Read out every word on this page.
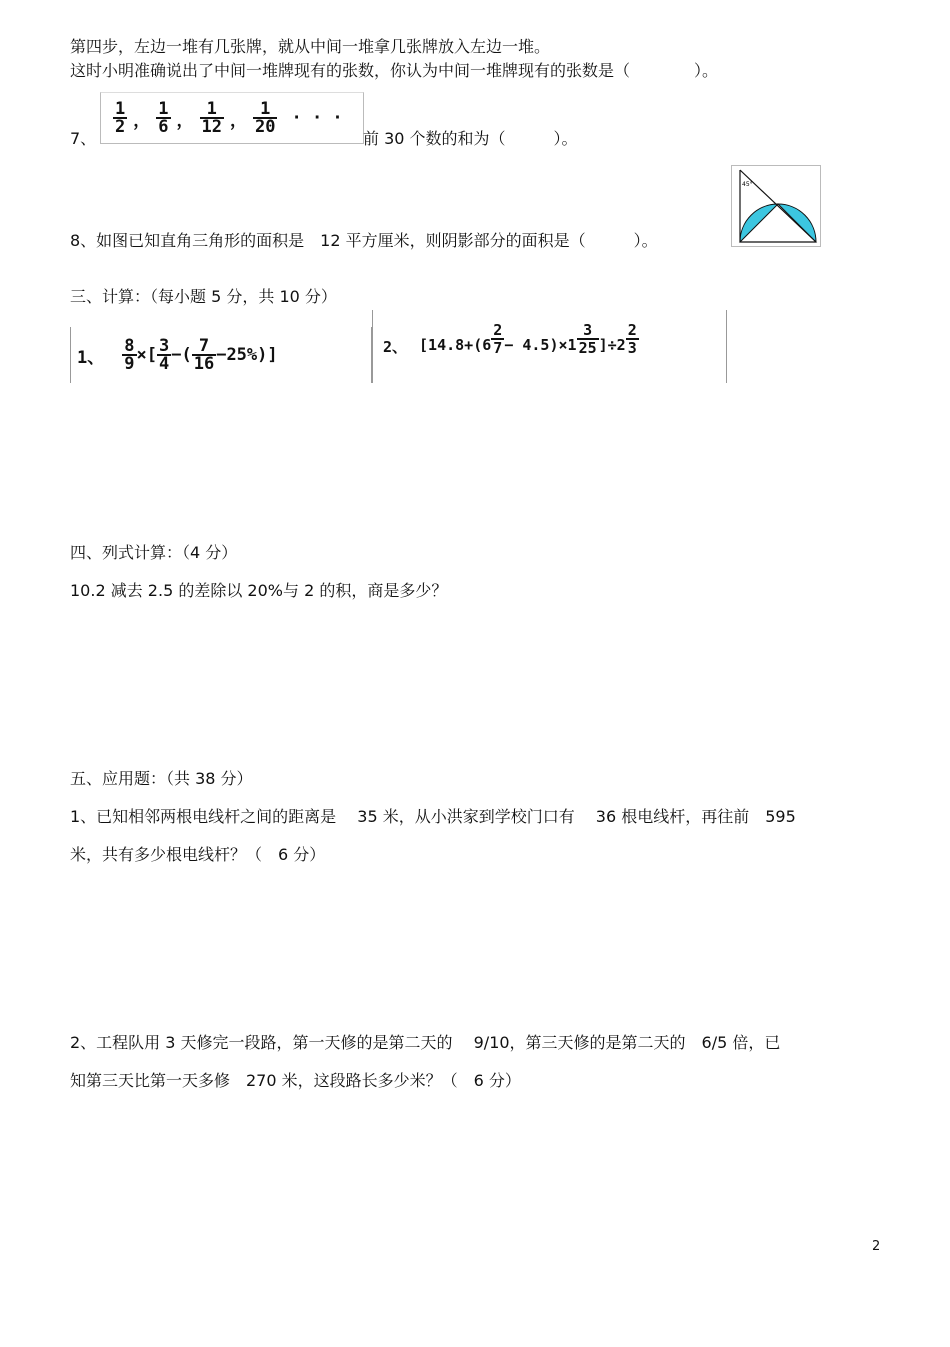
第四步，左边一堆有几张牌，就从中间一堆拿几张牌放入左边一堆。
这时小明准确说出了中间一堆牌现有的张数，你认为中间一堆牌现有的张数是（　　　　）。
7、
$\frac{1}{2}$ ， $\frac{1}{6}$ ， $\frac{1}{12}$ ， $\frac{1}{20}$ · · ·
前 30 个数的和为（　　　）。
45°
8、如图已知直角三角形的面积是　12 平方厘米，则阴影部分的面积是（　　　）。
三、计算：（每小题 5 分，共 10 分）
1、 $\frac{8}{9}$ ×[ $\frac{3}{4}$ −( $\frac{7}{16} -25\%$)]	2、 $[14.8+(6 \frac{2}{7} - 4.5)\times 1 \frac{3}{25} ]\div 2 \frac{2}{3}$
四、列式计算：（4 分）
10.2 减去 2.5 的差除以 20%与 2 的积，商是多少？
五、应用题：（共 38 分）
1、已知相邻两根电线杆之间的距离是　 35 米，从小洪家到学校门口有　 36 根电线杆，再往前　595
米，共有多少根电线杆？（　6 分）
2、工程队用 3 天修完一段路，第一天修的是第二天的　 9/10，第三天修的是第二天的　6/5 倍，已
知第三天比第一天多修　270 米，这段路长多少米？（　6 分）
2
